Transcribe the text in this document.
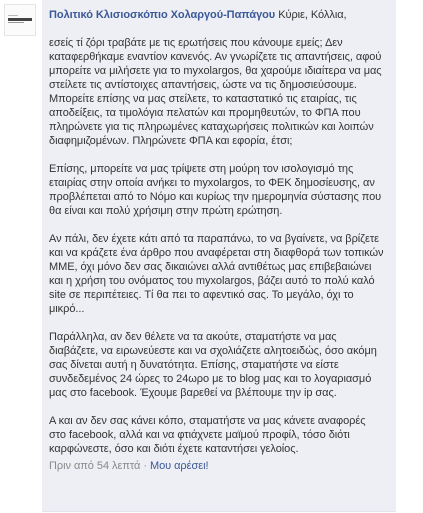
Πολιτικό Κλισιοσκόπιο Χολαργού-Παπάγου Κύριε, Κόλλια,

εσείς τί ζόρι τραβάτε με τις ερωτήσεις που κάνουμε εμείς; Δεν καταφερθήκαμε εναντίον κανενός. Αν γνωρίζετε τις απαντήσεις, αφού μπορείτε να μιλήσετε για το myxolargos, θα χαρούμε ιδιαίτερα να μας στείλετε τις αντίστοιχες απαντήσεις, ώστε να τις δημοσιεύσουμε. Μπορείτε επίσης να μας στείλετε, το καταστατικό τις εταιρίας, τις αποδείξεις, τα τιμολόγια πελατών και προμηθευτών, το ΦΠΑ που πληρώνετε για τις πληρωμένες καταχωρήσεις πολιτικών και λοιπών διαφημιζομένων. Πληρώνετε ΦΠΑ και εφορία, έτσι;

Επίσης, μπορείτε να μας τρίψετε στη μούρη τον ισολογισμό της εταιρίας στην οποία ανήκει το myxolargos, το ΦΕΚ δημοσίευσης, αν προβλέπεται από το Νόμο και κυρίως την ημερομηνία σύστασης που θα είναι και πολύ χρήσιμη στην πρώτη ερώτηση.

Αν πάλι, δεν έχετε κάτι από τα παραπάνω, το να βγαίνετε, να βρίζετε και να κράζετε ένα άρθρο που αναφέρεται στη διαφθορά των τοπικών ΜΜΕ, όχι μόνο δεν σας δικαιώνει αλλά αντιθέτως μας επιβεβαιώνει και η χρήση του ονόματος του myxolargos, βάζει αυτό το πολύ καλό site σε περιπέτειες. Τί θα πει το αφεντικό σας. Το μεγάλο, όχι το μικρό...

Παράλληλα, αν δεν θέλετε να τα ακούτε, σταματήστε να μας διαβάζετε, να ειρωνεύεστε και να σχολιάζετε αλητοειδώς, όσο ακόμη σας δίνεται αυτή η δυνατότητα. Επίσης, σταματήστε να είστε συνδεδεμένος 24 ώρες το 24ωρο με το blog μας και το λογαριασμό μας στο facebook. Έχουμε βαρεθεί να βλέπουμε την ip σας.

Α και αν δεν σας κάνει κόπο, σταματήστε να μας κάνετε αναφορές στο facebook, αλλά και να φτιάχνετε μαϊμού προφίλ, τόσο διότι καρφώνεστε, όσο και διότι έχετε καταντήσει γελοίος.

Πριν από 54 λεπτά · Μου αρέσει!
